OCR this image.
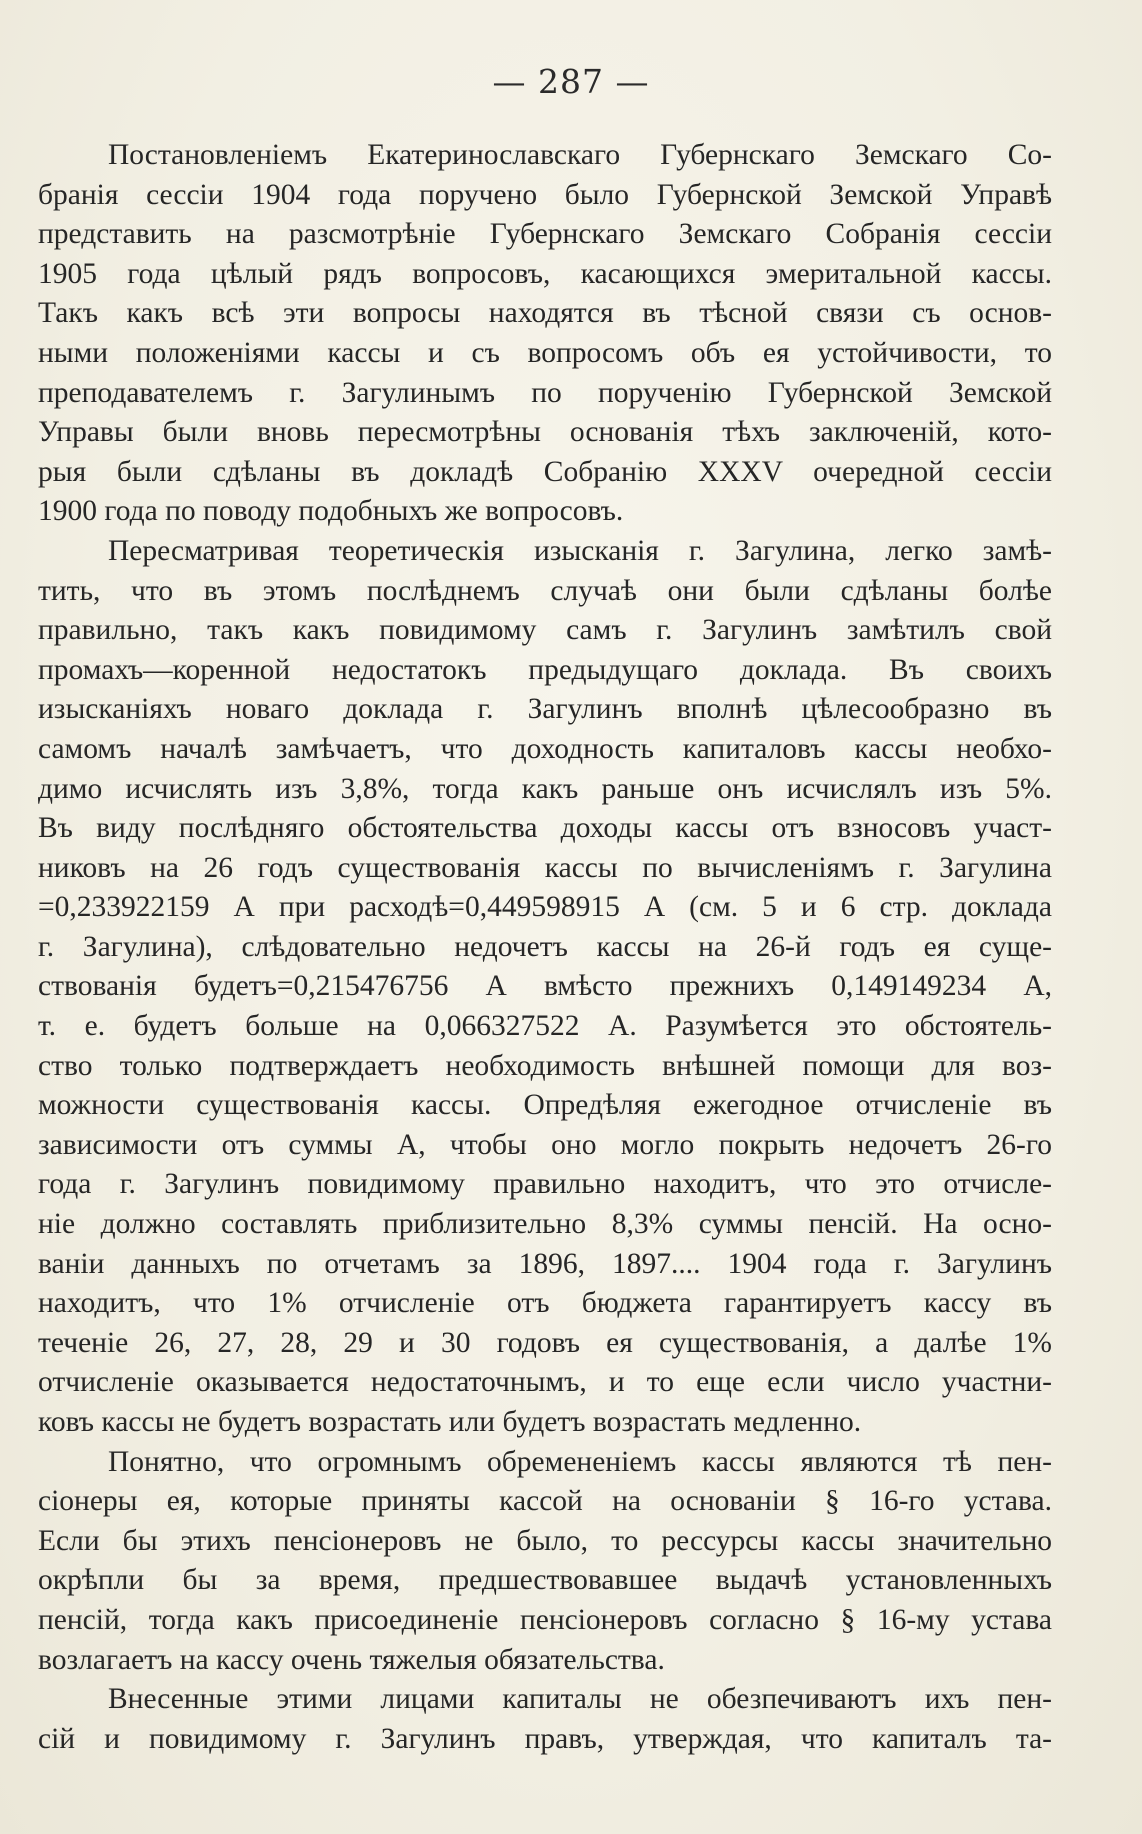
— 287 —
Постановленіемъ Екатеринославскаго Губернскаго Земскаго Со-
бранія сессіи 1904 года поручено было Губернской Земской Управѣ
представить на разсмотрѣніе Губернскаго Земскаго Собранія сессіи
1905 года цѣлый рядъ вопросовъ, касающихся эмеритальной кассы.
Такъ какъ всѣ эти вопросы находятся въ тѣсной связи съ основ-
ными положеніями кассы и съ вопросомъ объ ея устойчивости, то
преподавателемъ г. Загулинымъ по порученію Губернской Земской
Управы были вновь пересмотрѣны основанія тѣхъ заключеній, кото-
рыя были сдѣланы въ докладѣ Собранію XXXV очередной сессіи
1900 года по поводу подобныхъ же вопросовъ.
Пересматривая теоретическія изысканія г. Загулина, легко замѣ-
тить, что въ этомъ послѣднемъ случаѣ они были сдѣланы болѣе
правильно, такъ какъ повидимому самъ г. Загулинъ замѣтилъ свой
промахъ—коренной недостатокъ предыдущаго доклада. Въ своихъ
изысканіяхъ новаго доклада г. Загулинъ вполнѣ цѣлесообразно въ
самомъ началѣ замѣчаетъ, что доходность капиталовъ кассы необхо-
димо исчислять изъ 3,8%, тогда какъ раньше онъ исчислялъ изъ 5%.
Въ виду послѣдняго обстоятельства доходы кассы отъ взносовъ участ-
никовъ на 26 годъ существованія кассы по вычисленіямъ г. Загулина
=0,233922159 А при расходѣ=0,449598915 А (см. 5 и 6 стр. доклада
г. Загулина), слѣдовательно недочетъ кассы на 26-й годъ ея суще-
ствованія будетъ=0,215476756 А вмѣсто прежнихъ 0,149149234 А,
т. е. будетъ больше на 0,066327522 А. Разумѣется это обстоятель-
ство только подтверждаетъ необходимость внѣшней помощи для воз-
можности существованія кассы. Опредѣляя ежегодное отчисленіе въ
зависимости отъ суммы А, чтобы оно могло покрыть недочетъ 26-го
года г. Загулинъ повидимому правильно находитъ, что это отчисле-
ніе должно составлять приблизительно 8,3% суммы пенсій. На осно-
ваніи данныхъ по отчетамъ за 1896, 1897.... 1904 года г. Загулинъ
находитъ, что 1% отчисленіе отъ бюджета гарантируетъ кассу въ
теченіе 26, 27, 28, 29 и 30 годовъ ея существованія, а далѣе 1%
отчисленіе оказывается недостаточнымъ, и то еще если число участни-
ковъ кассы не будетъ возрастать или будетъ возрастать медленно.
Понятно, что огромнымъ обремененіемъ кассы являются тѣ пен-
сіонеры ея, которые приняты кассой на основаніи § 16-го устава.
Если бы этихъ пенсіонеровъ не было, то рессурсы кассы значительно
окрѣпли бы за время, предшествовавшее выдачѣ установленныхъ
пенсій, тогда какъ присоединеніе пенсіонеровъ согласно § 16-му устава
возлагаетъ на кассу очень тяжелыя обязательства.
Внесенные этими лицами капиталы не обезпечиваютъ ихъ пен-
сій и повидимому г. Загулинъ правъ, утверждая, что капиталъ та-
